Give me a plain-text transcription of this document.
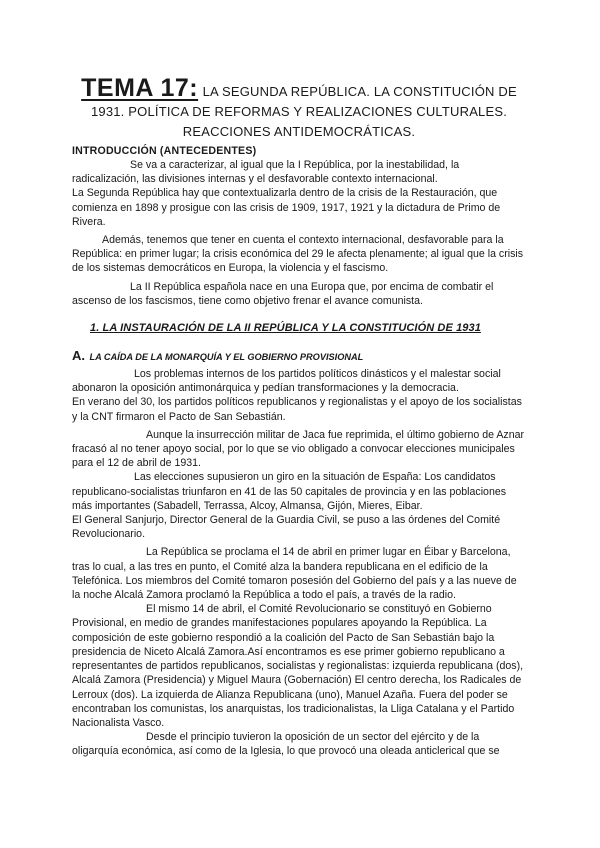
TEMA 17: LA SEGUNDA REPÚBLICA. LA CONSTITUCIÓN DE
1931. POLÍTICA DE REFORMAS Y REALIZACIONES CULTURALES.
REACCIONES ANTIDEMOCRÁTICAS.
INTRODUCCIÓN (ANTECEDENTES)

Se va a caracterizar, al igual que la I República, por la inestabilidad, la radicalización, las divisiones internas y el desfavorable contexto internacional.

La Segunda República hay que contextualizarla dentro de la crisis de la Restauración, que comienza en 1898 y prosigue con las crisis de 1909, 1917, 1921 y la dictadura de Primo de Rivera.

Además, tenemos que tener en cuenta el contexto internacional, desfavorable para la República: en primer lugar; la crisis económica del 29 le afecta plenamente; al igual que la crisis de los sistemas democráticos en Europa, la violencia y el fascismo.

La II República española nace en una Europa que, por encima de combatir el ascenso de los fascismos, tiene como objetivo frenar el avance comunista.

1. LA INSTAURACIÓN DE LA II REPÚBLICA Y LA CONSTITUCIÓN DE 1931
A. LA CAÍDA DE LA MONARQUÍA Y EL GOBIERNO PROVISIONAL

Los problemas internos de los partidos políticos dinásticos y el malestar social abonaron la oposición antimonárquica y pedían transformaciones y la democracia.

En verano del 30, los partidos políticos republicanos y regionalistas y el apoyo de los socialistas y la CNT firmaron el Pacto de San Sebastián.

Aunque la insurrección militar de Jaca fue reprimida, el último gobierno de Aznar fracasó al no tener apoyo social, por lo que se vio obligado a convocar elecciones municipales para el 12 de abril de 1931.

Las elecciones supusieron un giro en la situación de España: Los candidatos republicano-socialistas triunfaron en 41 de las 50 capitales de provincia y en las poblaciones más importantes (Sabadell, Terrassa, Alcoy, Almansa, Gijón, Mieres, Eibar.

El General Sanjurjo, Director General de la Guardia Civil, se puso a las órdenes del Comité Revolucionario.

La República se proclama el 14 de abril en primer lugar en Éibar y Barcelona, tras lo cual, a las tres en punto, el Comité alza la bandera republicana en el edificio de la Telefónica. Los miembros del Comité tomaron posesión del Gobierno del país y a las nueve de la noche Alcalá Zamora proclamó la República a todo el país, a través de la radio.

El mismo 14 de abril, el Comité Revolucionario se constituyó en Gobierno Provisional, en medio de grandes manifestaciones populares apoyando la República. La composición de este gobierno respondió a la coalición del Pacto de San Sebastián bajo la presidencia de Niceto Alcalá Zamora.Así encontramos es ese primer gobierno republicano a representantes de partidos republicanos, socialistas y regionalistas: izquierda republicana (dos), Alcalá Zamora (Presidencia) y Miguel Maura (Gobernación) El centro derecha, los Radicales de Lerroux (dos). La izquierda de Alianza Republicana (uno), Manuel Azaña. Fuera del poder se encontraban los comunistas, los anarquistas, los tradicionalistas, la Lliga Catalana y el Partido Nacionalista Vasco.

Desde el principio tuvieron la oposición de un sector del ejército y de la oligarquía económica, así como de la Iglesia, lo que provocó una oleada anticlerical que se
